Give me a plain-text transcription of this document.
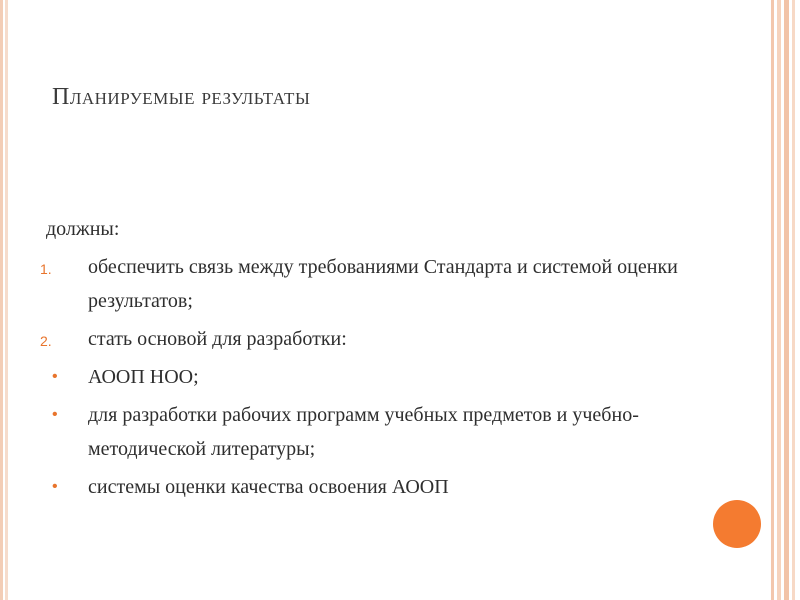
Планируемые результаты
должны:
1.	обеспечить связь между требованиями Стандарта и системой оценки результатов;
2.	стать основой для разработки:
•	АООП НОО;
•	для разработки рабочих программ учебных предметов и учебно-методической литературы;
•	системы оценки качества освоения АООП
